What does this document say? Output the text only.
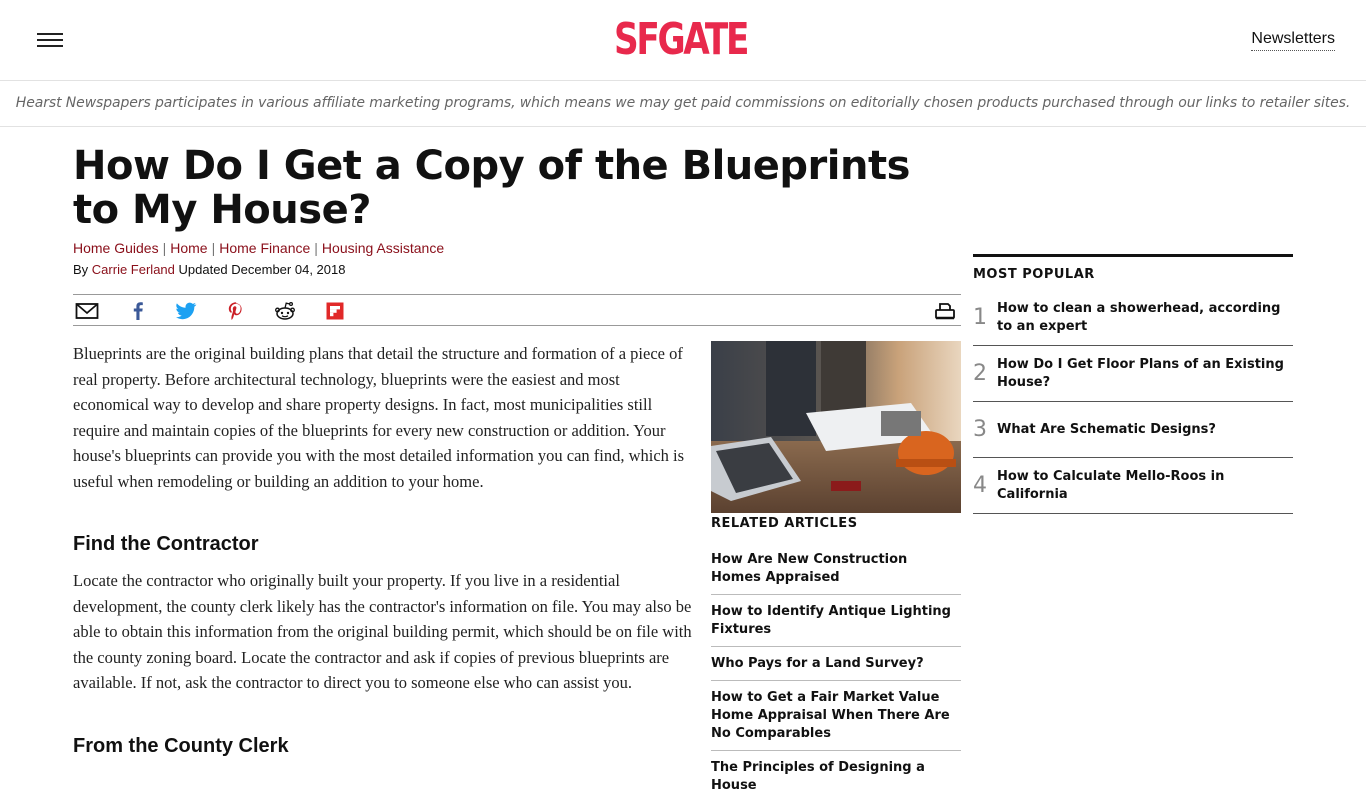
SFGATE	Newsletters
Hearst Newspapers participates in various affiliate marketing programs, which means we may get paid commissions on editorially chosen products purchased through our links to retailer sites.
How Do I Get a Copy of the Blueprints to My House?
Home Guides | Home | Home Finance | Housing Assistance
By Carrie Ferland Updated December 04, 2018

Blueprints are the original building plans that detail the structure and formation of a piece of real property. Before architectural technology, blueprints were the easiest and most economical way to develop and share property designs. In fact, most municipalities still require and maintain copies of the blueprints for every new construction or addition. Your house's blueprints can provide you with the most detailed information you can find, which is useful when remodeling or building an addition to your home.

Find the Contractor

Locate the contractor who originally built your property. If you live in a residential development, the county clerk likely has the contractor's information on file. You may also be able to obtain this information from the original building permit, which should be on file with the county zoning board. Locate the contractor and ask if copies of previous blueprints are available. If not, ask the contractor to direct you to someone else who can assist you.

From the County Clerk
RELATED ARTICLES
How Are New Construction Homes Appraised
How to Identify Antique Lighting Fixtures
Who Pays for a Land Survey?
How to Get a Fair Market Value Home Appraisal When There Are No Comparables
The Principles of Designing a House
MOST POPULAR
1 How to clean a showerhead, according to an expert
2 How Do I Get Floor Plans of an Existing House?
3 What Are Schematic Designs?
4 How to Calculate Mello-Roos in California
